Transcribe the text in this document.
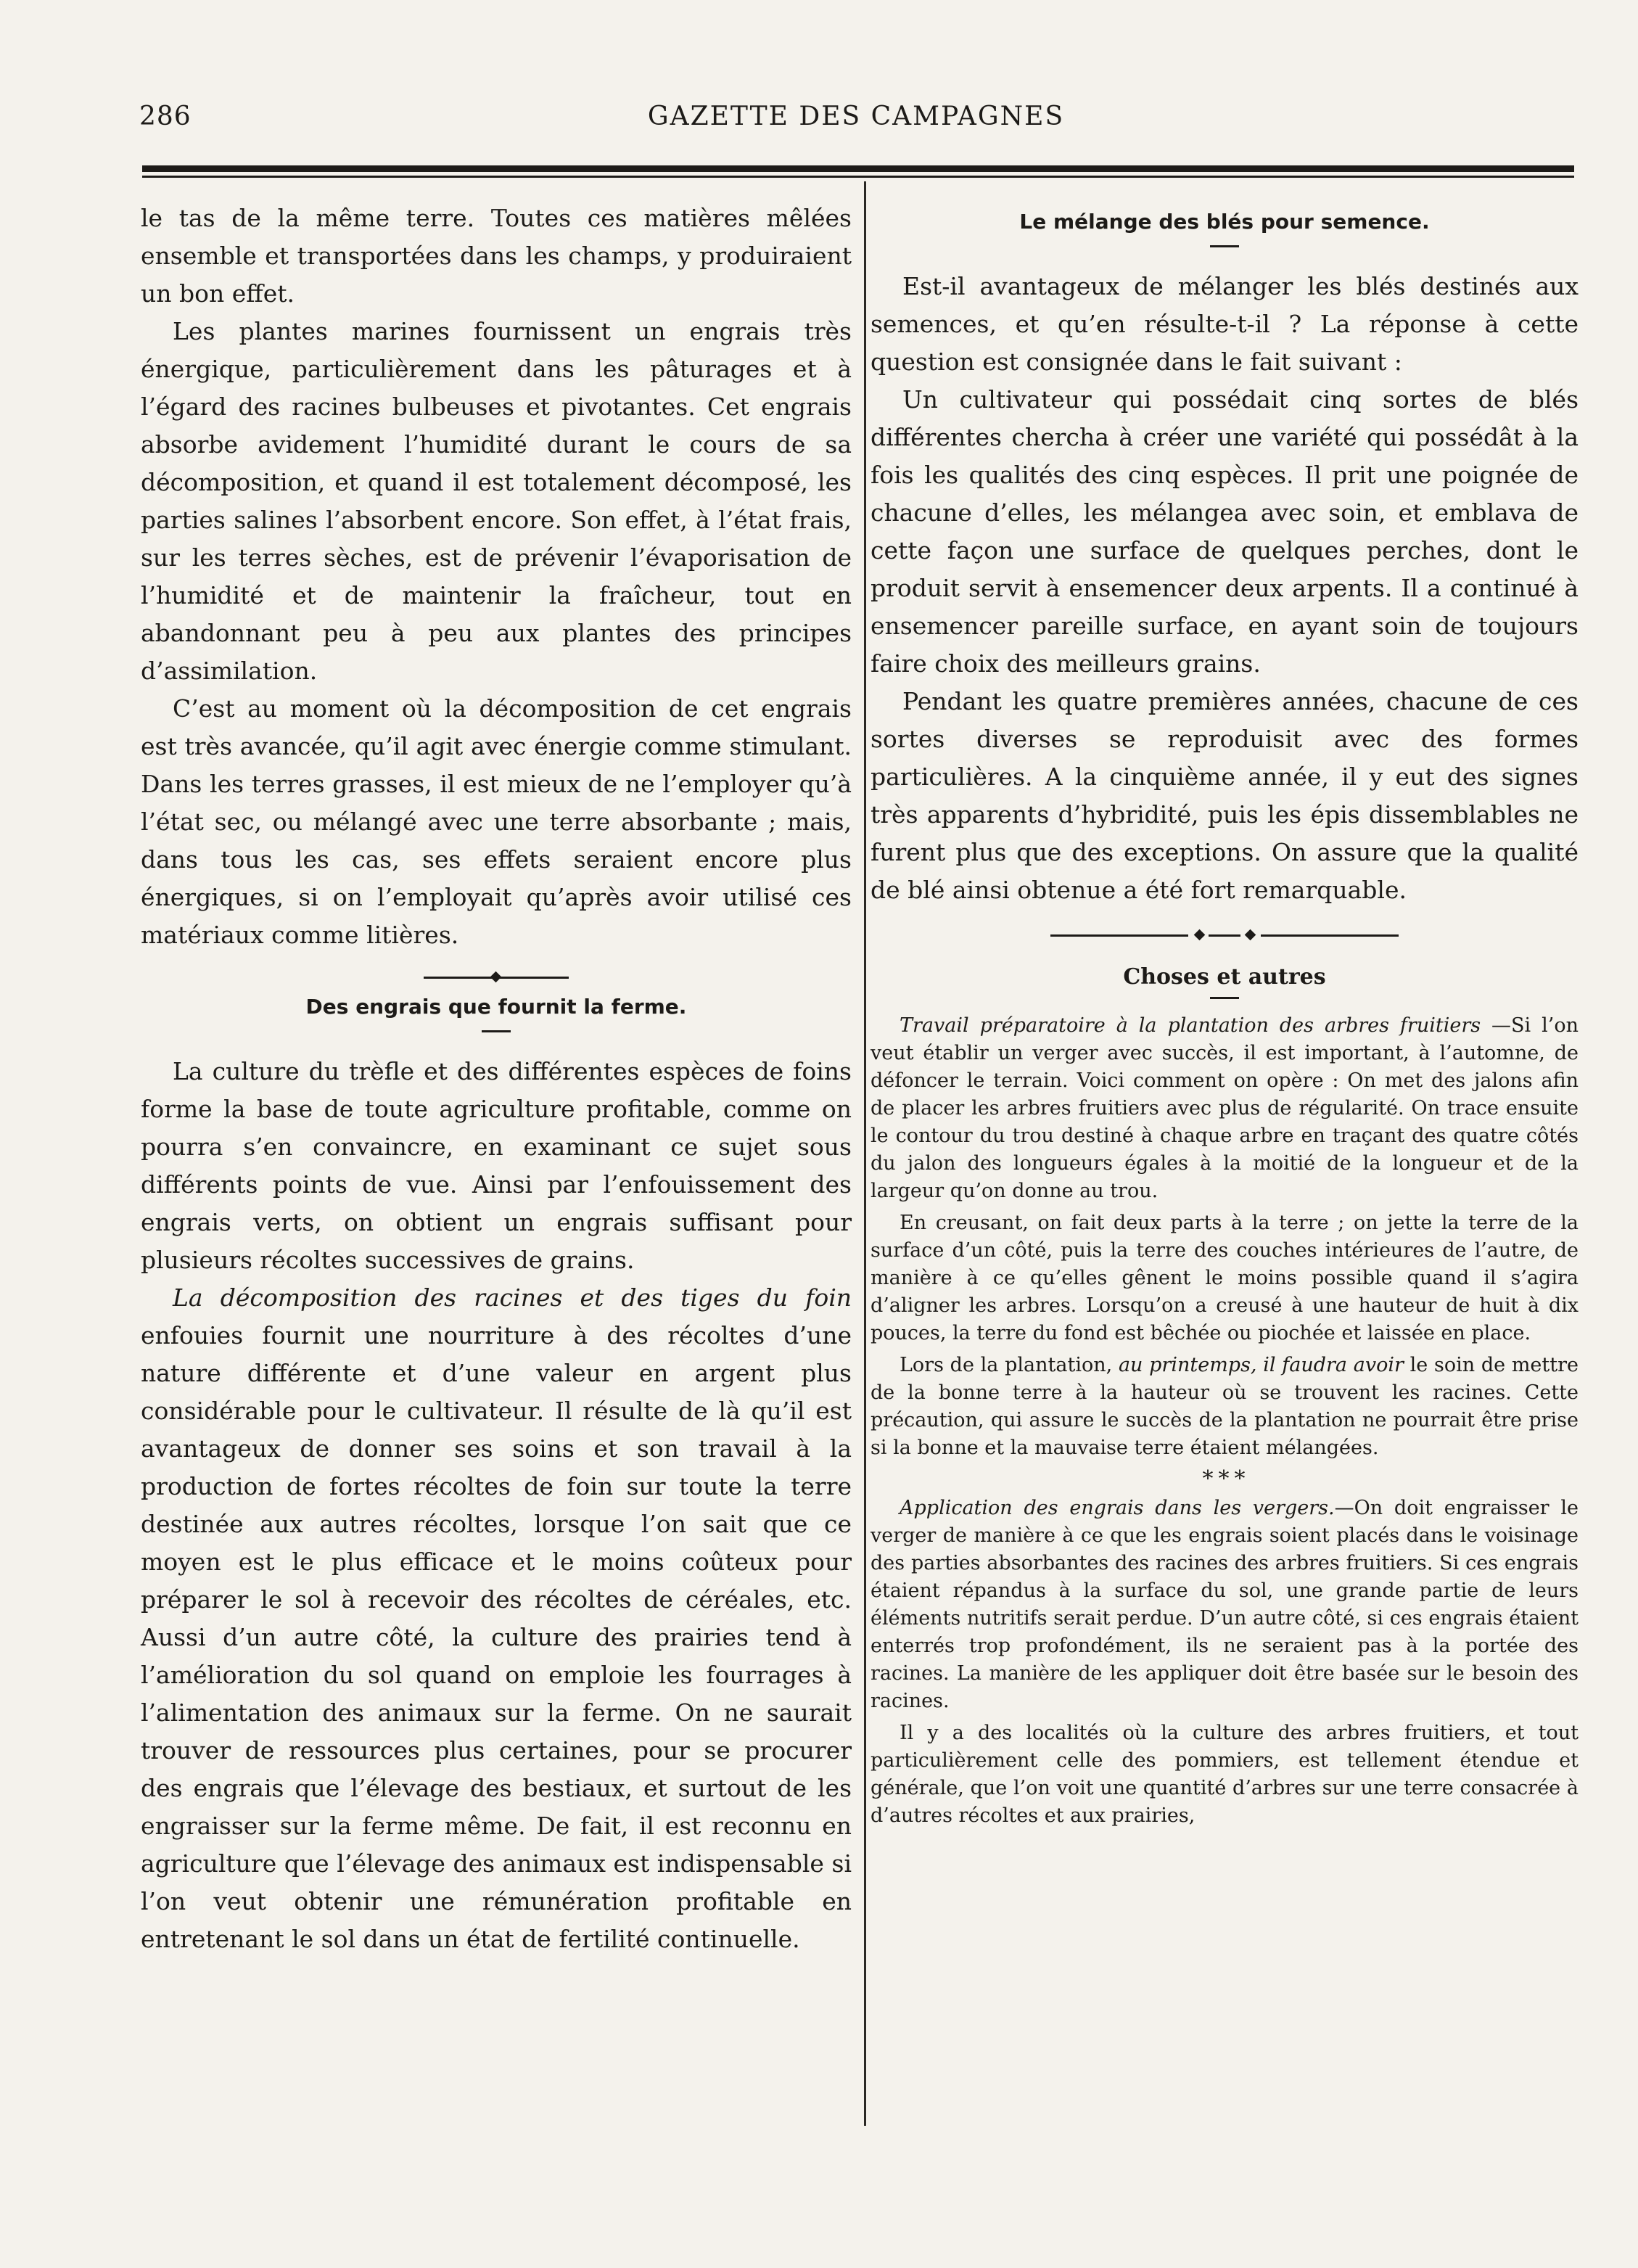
286	GAZETTE DES CAMPAGNES

le tas de la même terre. Toutes ces matières mêlées ensemble et transportées dans les champs, y produiraient un bon effet.

Les plantes marines fournissent un engrais très énergique, particulièrement dans les pâturages et à l’égard des racines bulbeuses et pivotantes. Cet engrais absorbe avidement l’humidité durant le cours de sa décomposition, et quand il est totalement décomposé, les parties salines l’absorbent encore. Son effet, à l’état frais, sur les terres sèches, est de prévenir l’évaporisation de l’humidité et de maintenir la fraîcheur, tout en abandonnant peu à peu aux plantes des principes d’assimilation.

C’est au moment où la décomposition de cet engrais est très avancée, qu’il agit avec énergie comme stimulant. Dans les terres grasses, il est mieux de ne l’employer qu’à l’état sec, ou mélangé avec une terre absorbante ; mais, dans tous les cas, ses effets seraient encore plus énergiques, si on l’employait qu’après avoir utilisé ces matériaux comme litières.

Des engrais que fournit la ferme.

La culture du trèfle et des différentes espèces de foins forme la base de toute agriculture profitable, comme on pourra s’en convaincre, en examinant ce sujet sous différents points de vue. Ainsi par l’enfouissement des engrais verts, on obtient un engrais suffisant pour plusieurs récoltes successives de grains.

La décomposition des racines et des tiges du foin enfouies fournit une nourriture à des récoltes d’une nature différente et d’une valeur en argent plus considérable pour le cultivateur. Il résulte de là qu’il est avantageux de donner ses soins et son travail à la production de fortes récoltes de foin sur toute la terre destinée aux autres récoltes, lorsque l’on sait que ce moyen est le plus efficace et le moins coûteux pour préparer le sol à recevoir des récoltes de céréales, etc. Aussi d’un autre côté, la culture des prairies tend à l’amélioration du sol quand on emploie les fourrages à l’alimentation des animaux sur la ferme. On ne saurait trouver de ressources plus certaines, pour se procurer des engrais que l’élevage des bestiaux, et surtout de les engraisser sur la ferme même. De fait, il est reconnu en agriculture que l’élevage des animaux est indispensable si l’on veut obtenir une rémunération profitable en entretenant le sol dans un état de fertilité continuelle.

Le mélange des blés pour semence.

Est-il avantageux de mélanger les blés destinés aux semences, et qu’en résulte-t-il ? La réponse à cette question est consignée dans le fait suivant :

Un cultivateur qui possédait cinq sortes de blés différentes chercha à créer une variété qui possédât à la fois les qualités des cinq espèces. Il prit une poignée de chacune d’elles, les mélangea avec soin, et emblava de cette façon une surface de quelques perches, dont le produit servit à ensemencer deux arpents. Il a continué à ensemencer pareille surface, en ayant soin de toujours faire choix des meilleurs grains.

Pendant les quatre premières années, chacune de ces sortes diverses se reproduisit avec des formes particulières. A la cinquième année, il y eut des signes très apparents d’hybridité, puis les épis dissemblables ne furent plus que des exceptions. On assure que la qualité de blé ainsi obtenue a été fort remarquable.

Choses et autres

Travail préparatoire à la plantation des arbres fruitiers —Si l’on veut établir un verger avec succès, il est important, à l’automne, de défoncer le terrain. Voici comment on opère : On met des jalons afin de placer les arbres fruitiers avec plus de régularité. On trace ensuite le contour du trou destiné à chaque arbre en traçant des quatre côtés du jalon des longueurs égales à la moitié de la longueur et de la largeur qu’on donne au trou.

En creusant, on fait deux parts à la terre ; on jette la terre de la surface d’un côté, puis la terre des couches intérieures de l’autre, de manière à ce qu’elles gênent le moins possible quand il s’agira d’aligner les arbres. Lorsqu’on a creusé à une hauteur de huit à dix pouces, la terre du fond est bêchée ou piochée et laissée en place.

Lors de la plantation, au printemps, il faudra avoir le soin de mettre de la bonne terre à la hauteur où se trouvent les racines. Cette précaution, qui assure le succès de la plantation ne pourrait être prise si la bonne et la mauvaise terre étaient mélangées.

* * *

Application des engrais dans les vergers.—On doit engraisser le verger de manière à ce que les engrais soient placés dans le voisinage des parties absorbantes des racines des arbres fruitiers. Si ces engrais étaient répandus à la surface du sol, une grande partie de leurs éléments nutritifs serait perdue. D’un autre côté, si ces engrais étaient enterrés trop profondément, ils ne seraient pas à la portée des racines. La manière de les appliquer doit être basée sur le besoin des racines.

Il y a des localités où la culture des arbres fruitiers, et tout particulièrement celle des pommiers, est tellement étendue et générale, que l’on voit une quantité d’arbres sur une terre consacrée à d’autres récoltes et aux prairies,
